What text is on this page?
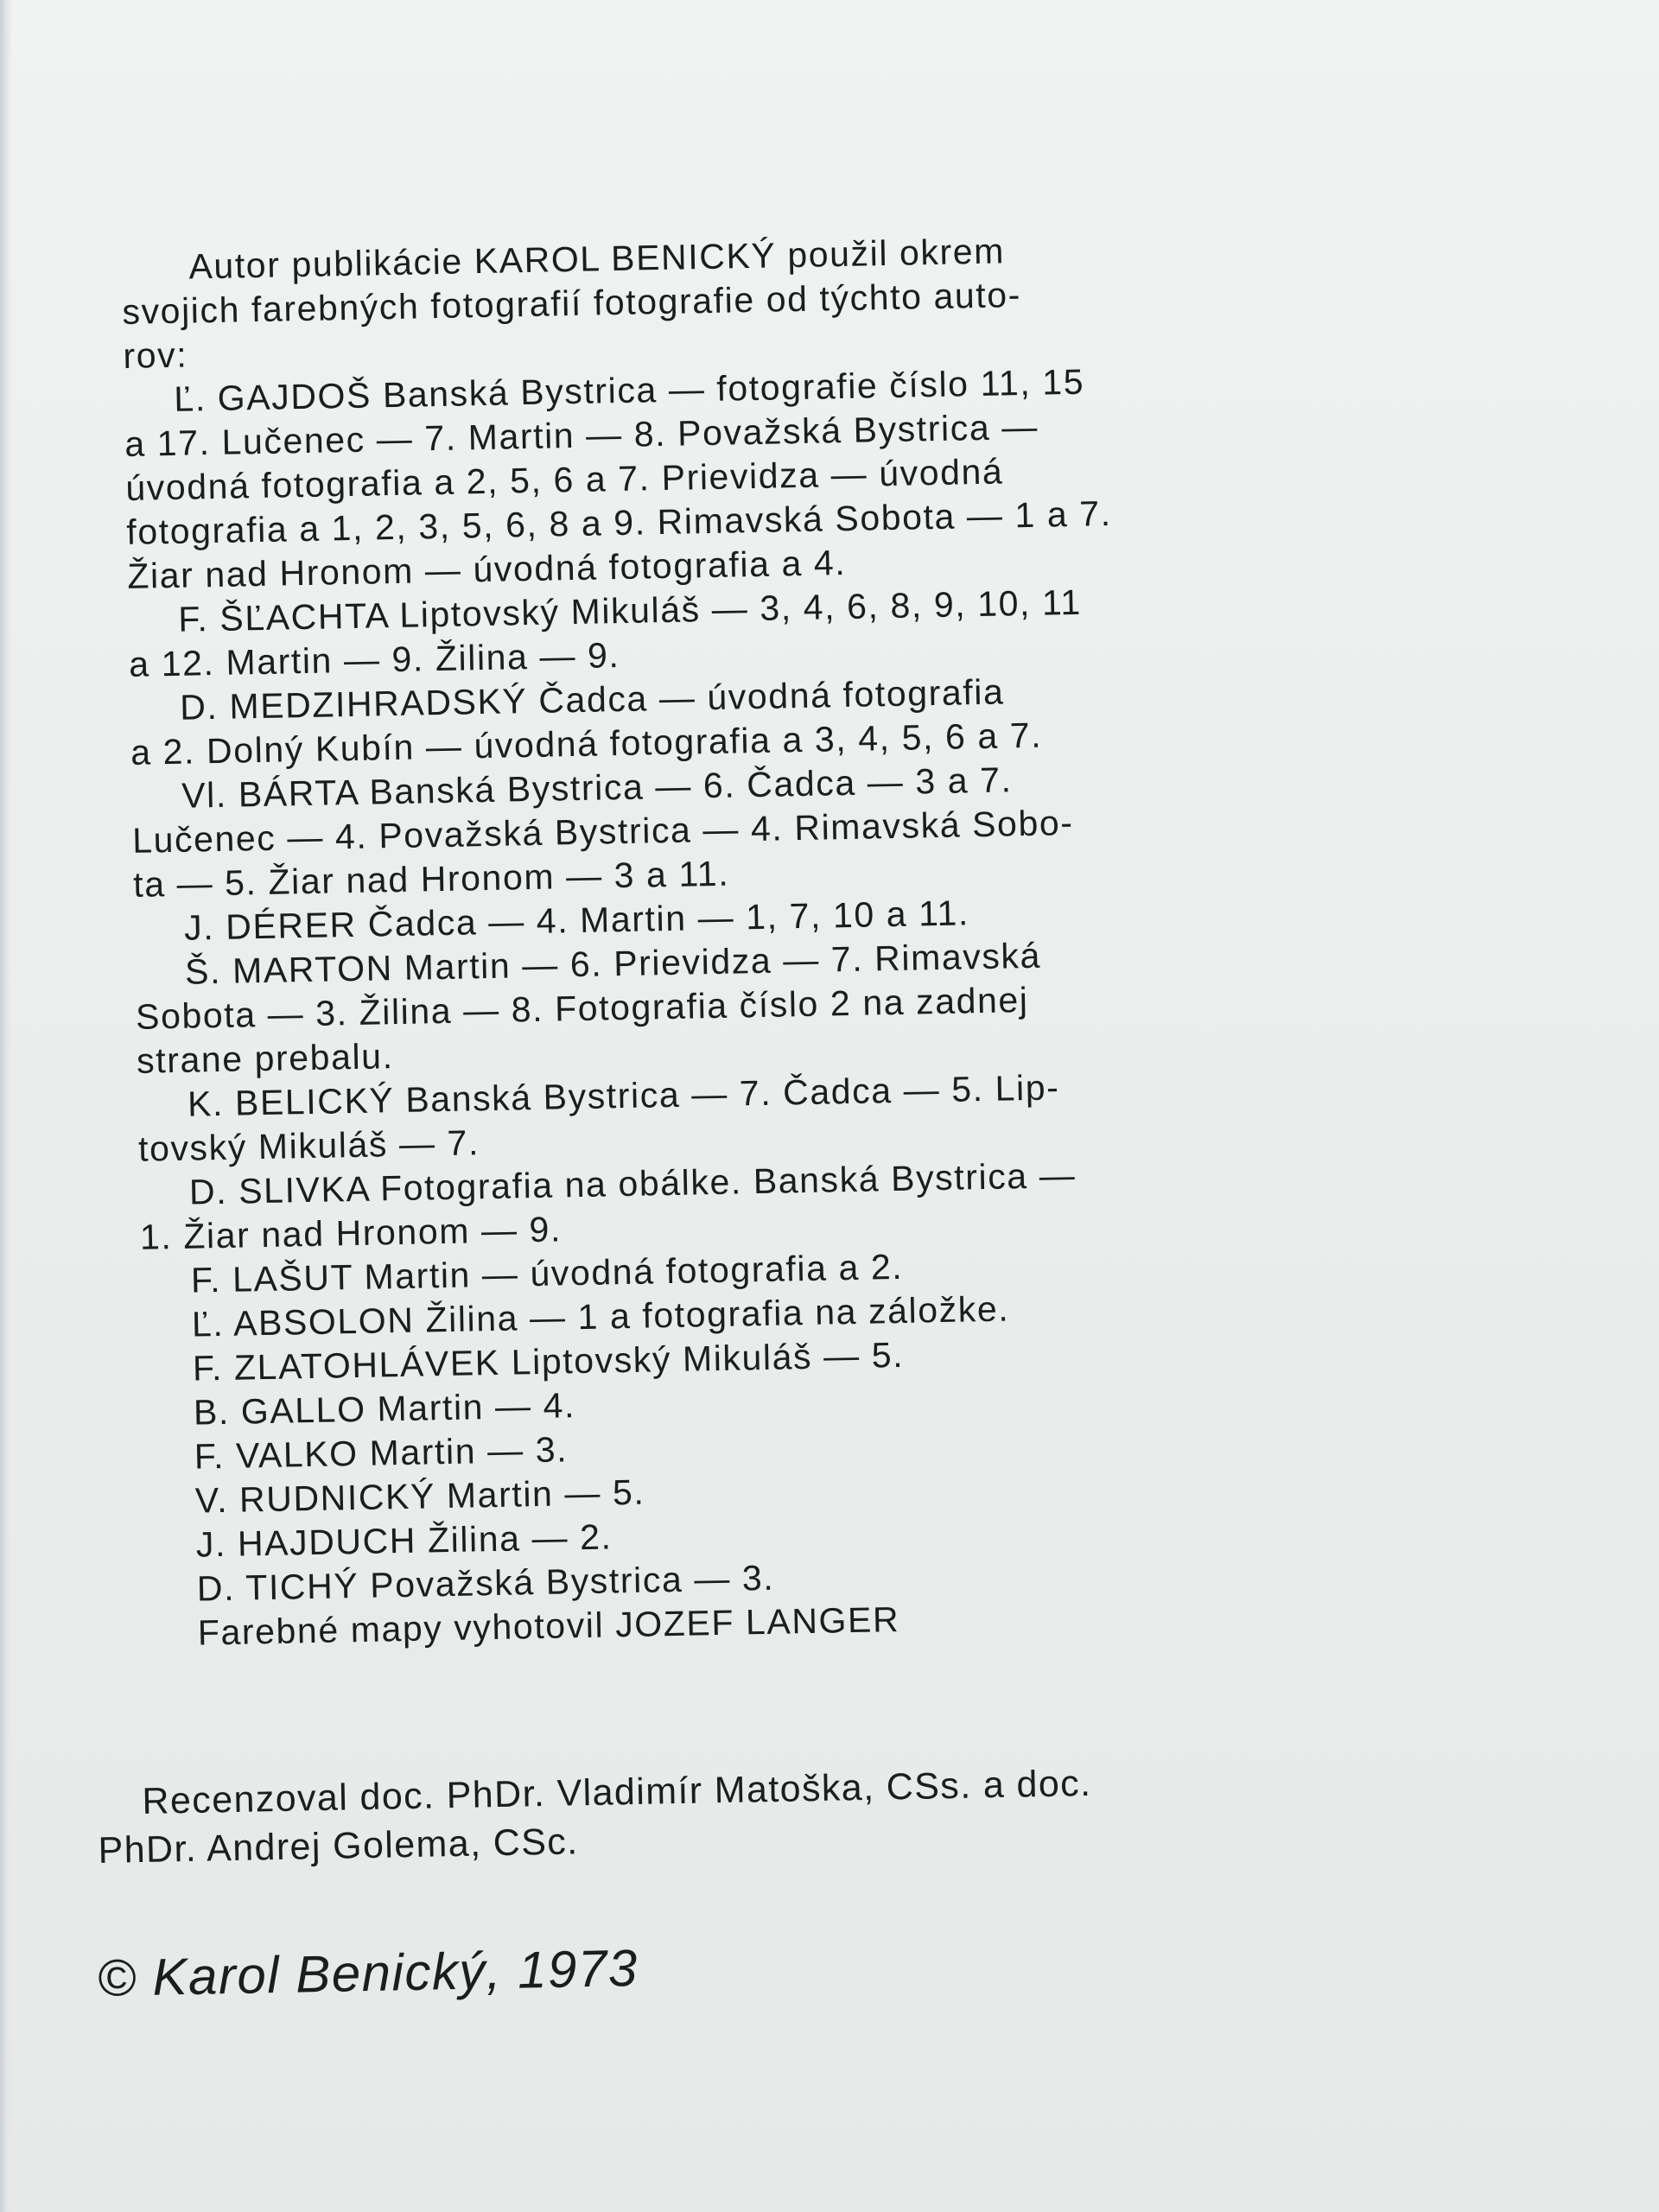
Autor publikácie KAROL BENICKÝ použil okrem
svojich farebných fotografií fotografie od týchto auto-
rov:
Ľ. GAJDOŠ Banská Bystrica — fotografie číslo 11, 15
a 17. Lučenec — 7. Martin — 8. Považská Bystrica —
úvodná fotografia a 2, 5, 6 a 7. Prievidza — úvodná
fotografia a 1, 2, 3, 5, 6, 8 a 9. Rimavská Sobota — 1 a 7.
Žiar nad Hronom — úvodná fotografia a 4.
F. ŠĽACHTA Liptovský Mikuláš — 3, 4, 6, 8, 9, 10, 11
a 12. Martin — 9. Žilina — 9.
D. MEDZIHRADSKÝ Čadca — úvodná fotografia
a 2. Dolný Kubín — úvodná fotografia a 3, 4, 5, 6 a 7.
Vl. BÁRTA Banská Bystrica — 6. Čadca — 3 a 7.
Lučenec — 4. Považská Bystrica — 4. Rimavská Sobo-
ta — 5. Žiar nad Hronom — 3 a 11.
J. DÉRER Čadca — 4. Martin — 1, 7, 10 a 11.
Š. MARTON Martin — 6. Prievidza — 7. Rimavská
Sobota — 3. Žilina — 8. Fotografia číslo 2 na zadnej
strane prebalu.
K. BELICKÝ Banská Bystrica — 7. Čadca — 5. Lip-
tovský Mikuláš — 7.
D. SLIVKA Fotografia na obálke. Banská Bystrica —
1. Žiar nad Hronom — 9.
F. LAŠUT Martin — úvodná fotografia a 2.
Ľ. ABSOLON Žilina — 1 a fotografia na záložke.
F. ZLATOHLÁVEK Liptovský Mikuláš — 5.
B. GALLO Martin — 4.
F. VALKO Martin — 3.
V. RUDNICKÝ Martin — 5.
J. HAJDUCH Žilina — 2.
D. TICHÝ Považská Bystrica — 3.
Farebné mapy vyhotovil JOZEF LANGER
Recenzoval doc. PhDr. Vladimír Matoška, CSs. a doc.
PhDr. Andrej Golema, CSc.
© Karol Benický, 1973
